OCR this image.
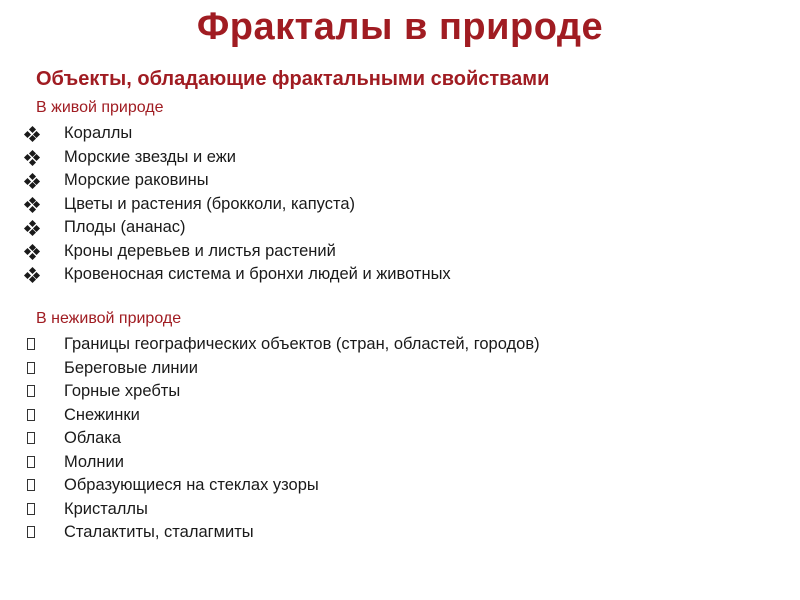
Фракталы в природе
Объекты, обладающие фрактальными свойствами
В живой природе
Кораллы
Морские звезды и ежи
Морские раковины
Цветы и растения (брокколи, капуста)
Плоды (ананас)
Кроны деревьев и листья растений
Кровеносная система и бронхи людей и животных
В неживой природе
Границы географических объектов (стран, областей, городов)
Береговые линии
Горные хребты
Снежинки
Облака
Молнии
Образующиеся на стеклах узоры
Кристаллы
Сталактиты, сталагмиты
